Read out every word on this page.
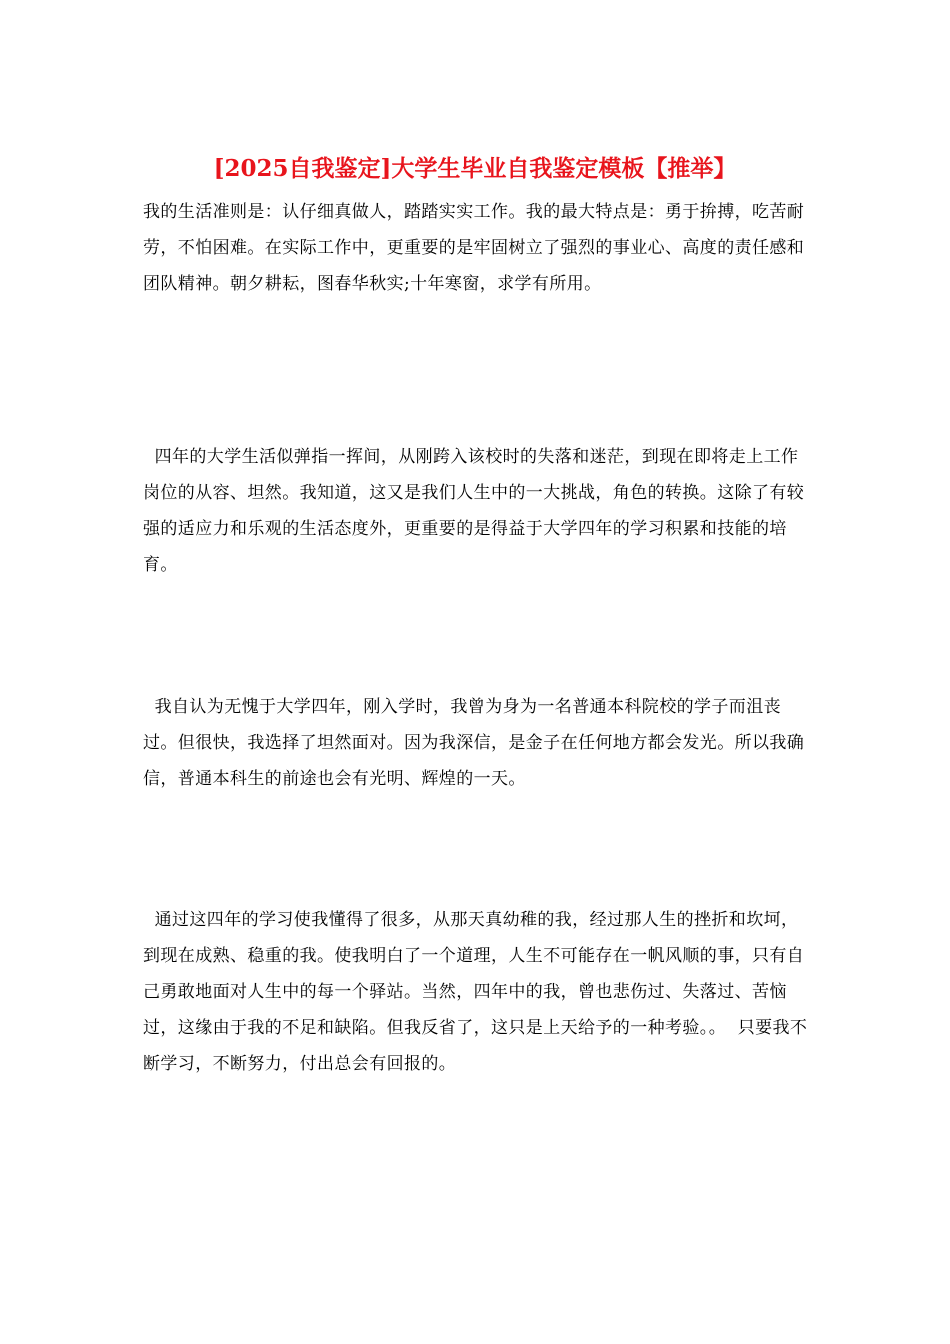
[2025自我鉴定]大学生毕业自我鉴定模板【推举】
我的生活准则是：认仔细真做人，踏踏实实工作。我的最大特点是：勇于拚搏，吃苦耐劳，不怕困难。在实际工作中，更重要的是牢固树立了强烈的事业心、高度的责任感和团队精神。朝夕耕耘，图春华秋实;十年寒窗，求学有所用。
四年的大学生活似弹指一挥间，从刚跨入该校时的失落和迷茫，到现在即将走上工作岗位的从容、坦然。我知道，这又是我们人生中的一大挑战，角色的转换。这除了有较强的适应力和乐观的生活态度外，更重要的是得益于大学四年的学习积累和技能的培育。
我自认为无愧于大学四年，刚入学时，我曾为身为一名普通本科院校的学子而沮丧过。但很快，我选择了坦然面对。因为我深信，是金子在任何地方都会发光。所以我确信，普通本科生的前途也会有光明、辉煌的一天。
通过这四年的学习使我懂得了很多，从那天真幼稚的我，经过那人生的挫折和坎坷，到现在成熟、稳重的我。使我明白了一个道理，人生不可能存在一帆风顺的事，只有自己勇敢地面对人生中的每一个驿站。当然，四年中的我，曾也悲伤过、失落过、苦恼过，这缘由于我的不足和缺陷。但我反省了，这只是上天给予的一种考验。。  只要我不断学习，不断努力，付出总会有回报的。
